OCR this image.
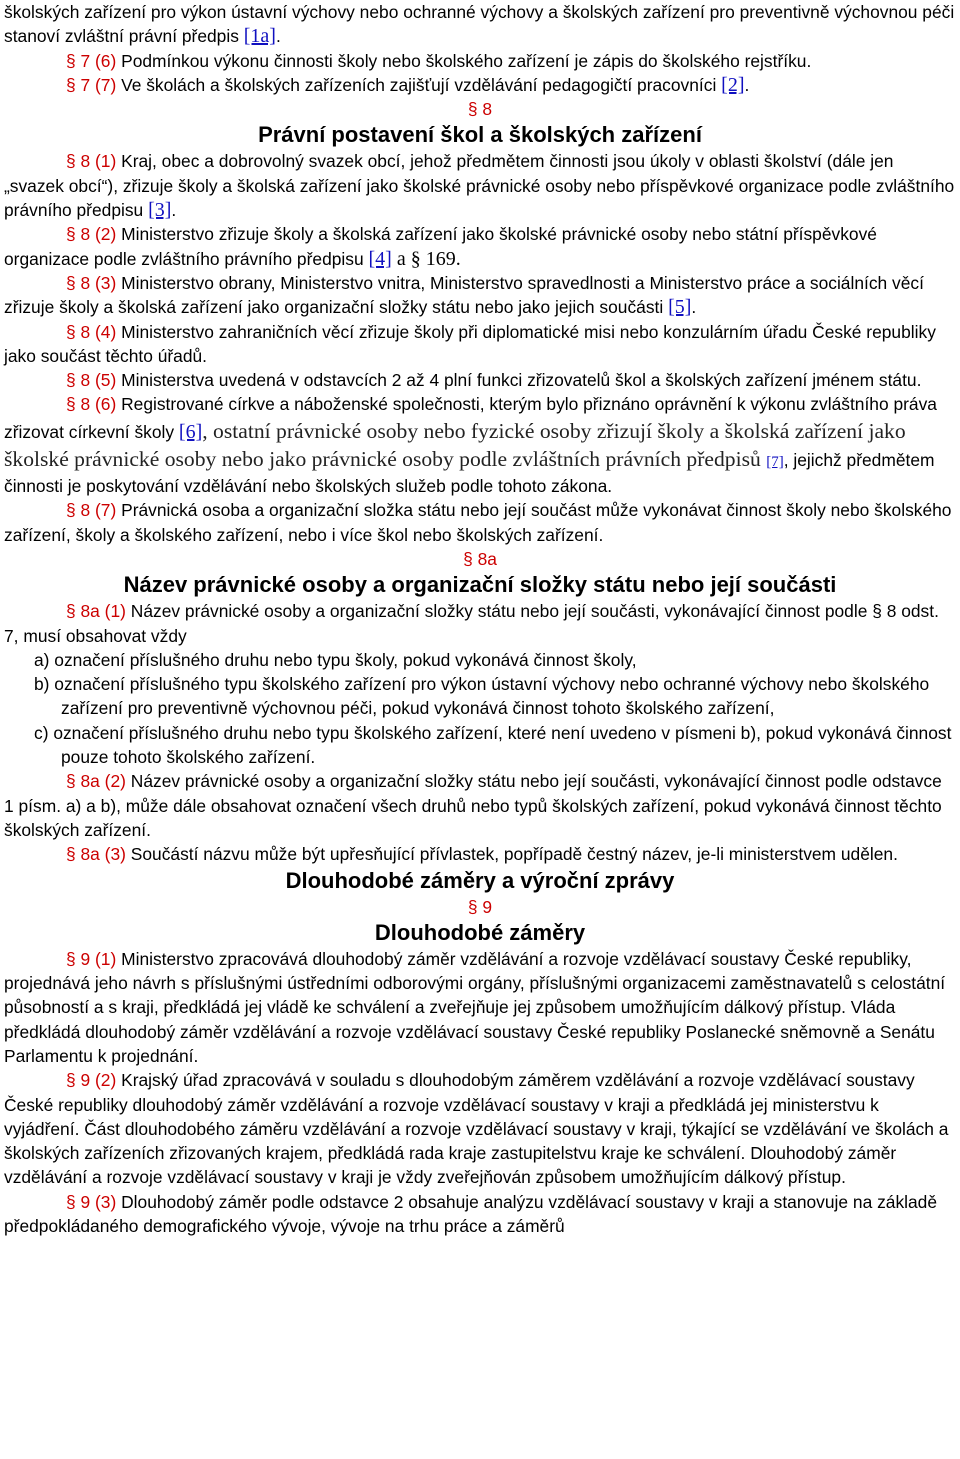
školských zařízení pro výkon ústavní výchovy nebo ochranné výchovy a školských zařízení pro preventivně výchovnou péči stanoví zvláštní právní předpis [1a].

§ 7 (6) Podmínkou výkonu činnosti školy nebo školského zařízení je zápis do školského rejstříku.

§ 7 (7) Ve školách a školských zařízeních zajišťují vzdělávání pedagogičtí pracovníci [2].

§ 8

Právní postavení škol a školských zařízení

§ 8 (1) Kraj, obec a dobrovolný svazek obcí, jehož předmětem činnosti jsou úkoly v oblasti školství (dále jen „svazek obcí“), zřizuje školy a školská zařízení jako školské právnické osoby nebo příspěvkové organizace podle zvláštního právního předpisu [3].

§ 8 (2) Ministerstvo zřizuje školy a školská zařízení jako školské právnické osoby nebo státní příspěvkové organizace podle zvláštního právního předpisu [4] a § 169.

§ 8 (3) Ministerstvo obrany, Ministerstvo vnitra, Ministerstvo spravedlnosti a Ministerstvo práce a sociálních věcí zřizuje školy a školská zařízení jako organizační složky státu nebo jako jejich součásti [5].

§ 8 (4) Ministerstvo zahraničních věcí zřizuje školy při diplomatické misi nebo konzulárním úřadu České republiky jako součást těchto úřadů.

§ 8 (5) Ministerstva uvedená v odstavcích 2 až 4 plní funkci zřizovatelů škol a školských zařízení jménem státu.

§ 8 (6) Registrované církve a náboženské společnosti, kterým bylo přiznáno oprávnění k výkonu zvláštního práva zřizovat církevní školy [6], ostatní právnické osoby nebo fyzické osoby zřizují školy a školská zařízení jako školské právnické osoby nebo jako právnické osoby podle zvláštních právních předpisů [7], jejichž předmětem činnosti je poskytování vzdělávání nebo školských služeb podle tohoto zákona.

§ 8 (7) Právnická osoba a organizační složka státu nebo její součást může vykonávat činnost školy nebo školského zařízení, školy a školského zařízení, nebo i více škol nebo školských zařízení.

§ 8a

Název právnické osoby a organizační složky státu nebo její součásti

§ 8a (1) Název právnické osoby a organizační složky státu nebo její součásti, vykonávající činnost podle § 8 odst. 7, musí obsahovat vždy

a) označení příslušného druhu nebo typu školy, pokud vykonává činnost školy,

b) označení příslušného typu školského zařízení pro výkon ústavní výchovy nebo ochranné výchovy nebo školského zařízení pro preventivně výchovnou péči, pokud vykonává činnost tohoto školského zařízení,

c) označení příslušného druhu nebo typu školského zařízení, které není uvedeno v písmeni b), pokud vykonává činnost pouze tohoto školského zařízení.

§ 8a (2) Název právnické osoby a organizační složky státu nebo její součásti, vykonávající činnost podle odstavce 1 písm. a) a b), může dále obsahovat označení všech druhů nebo typů školských zařízení, pokud vykonává činnost těchto školských zařízení.

§ 8a (3) Součástí názvu může být upřesňující přívlastek, popřípadě čestný název, je-li ministerstvem udělen.

Dlouhodobé záměry a výroční zprávy

§ 9

Dlouhodobé záměry

§ 9 (1) Ministerstvo zpracovává dlouhodobý záměr vzdělávání a rozvoje vzdělávací soustavy České republiky, projednává jeho návrh s příslušnými ústředními odborovými orgány, příslušnými organizacemi zaměstnavatelů s celostátní působností a s kraji, předkládá jej vládě ke schválení a zveřejňuje jej způsobem umožňujícím dálkový přístup. Vláda předkládá dlouhodobý záměr vzdělávání a rozvoje vzdělávací soustavy České republiky Poslanecké sněmovně a Senátu Parlamentu k projednání.

§ 9 (2) Krajský úřad zpracovává v souladu s dlouhodobým záměrem vzdělávání a rozvoje vzdělávací soustavy České republiky dlouhodobý záměr vzdělávání a rozvoje vzdělávací soustavy v kraji a předkládá jej ministerstvu k vyjádření. Část dlouhodobého záměru vzdělávání a rozvoje vzdělávací soustavy v kraji, týkající se vzdělávání ve školách a školských zařízeních zřizovaných krajem, předkládá rada kraje zastupitelstvu kraje ke schválení. Dlouhodobý záměr vzdělávání a rozvoje vzdělávací soustavy v kraji je vždy zveřejňován způsobem umožňujícím dálkový přístup.

§ 9 (3) Dlouhodobý záměr podle odstavce 2 obsahuje analýzu vzdělávací soustavy v kraji a stanovuje na základě předpokládaného demografického vývoje, vývoje na trhu práce a záměrů
